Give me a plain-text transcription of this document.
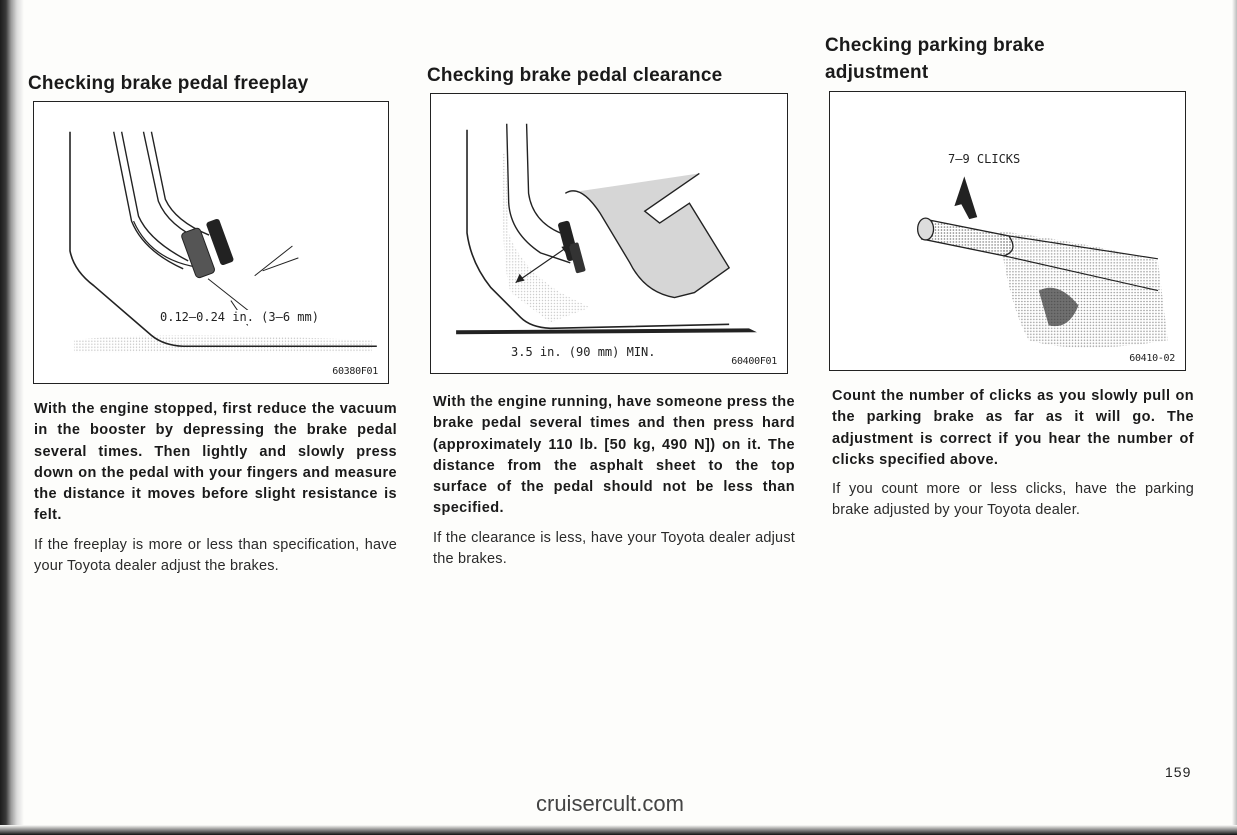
Checking brake pedal freeplay
0.12—0.24 in. (3—6 mm)
60380F01

With the engine stopped, first reduce the vacuum in the booster by depressing the brake pedal several times. Then lightly and slowly press down on the pedal with your fingers and measure the distance it moves before slight resistance is felt.

If the freeplay is more or less than specification, have your Toyota dealer adjust the brakes.

Checking brake pedal clearance
3.5 in. (90 mm) MIN.
60400F01

With the engine running, have someone press the brake pedal several times and then press hard (approximately 110 lb. [50 kg, 490 N]) on it. The distance from the asphalt sheet to the top surface of the pedal should not be less than specified.

If the clearance is less, have your Toyota dealer adjust the brakes.

Checking parking brake
adjustment
7—9 CLICKS
60410-02

Count the number of clicks as you slowly pull on the parking brake as far as it will go. The adjustment is correct if you hear the number of clicks specified above.

If you count more or less clicks, have the parking brake adjusted by your Toyota dealer.

159
cruisercult.com
